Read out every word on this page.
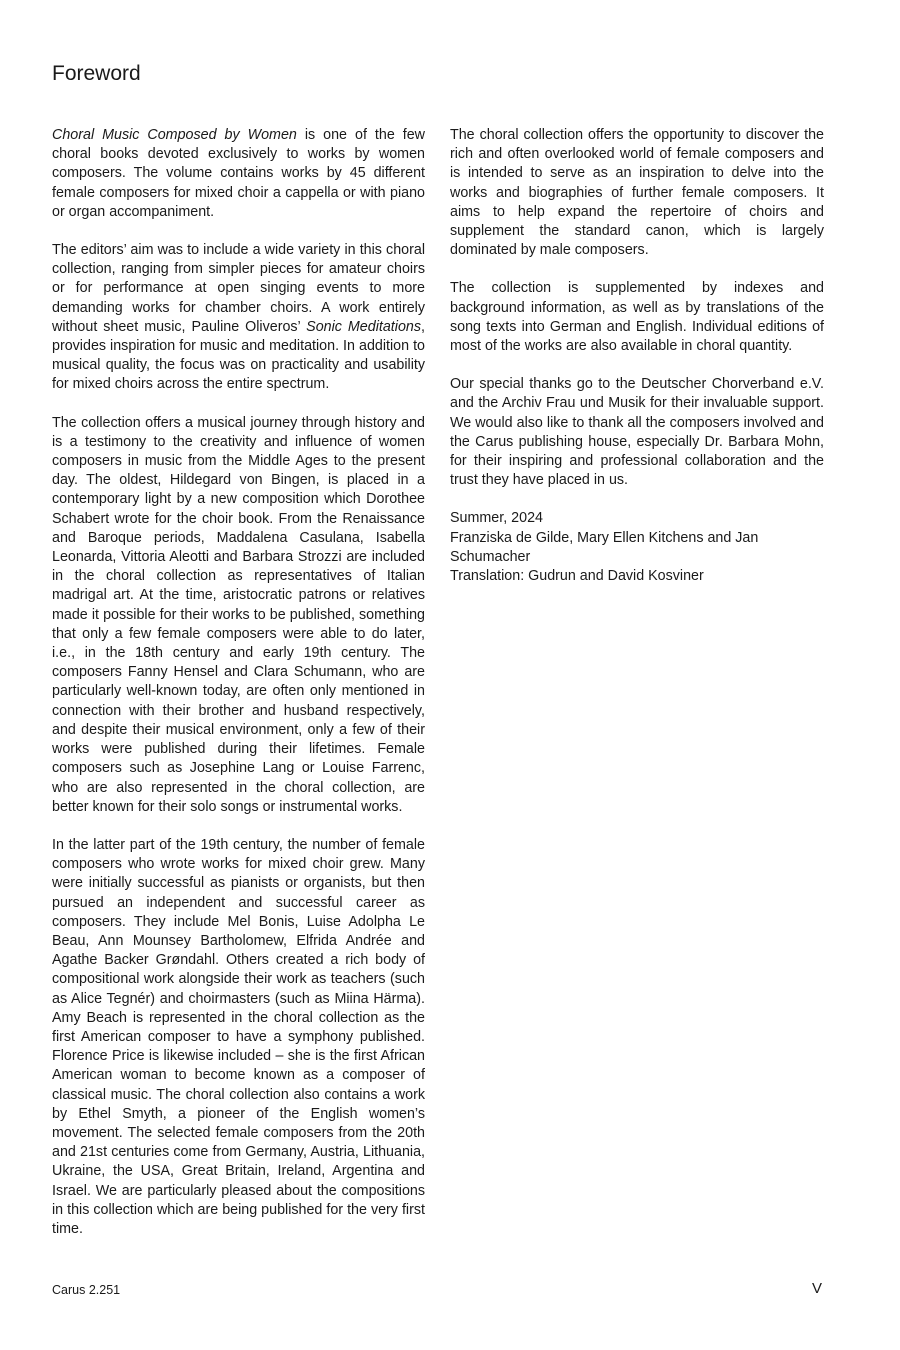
Foreword

Choral Music Composed by Women is one of the few choral books devoted exclusively to works by women composers. The volume contains works by 45 different female composers for mixed choir a cappella or with piano or organ accompaniment.

The editors’ aim was to include a wide variety in this choral collection, ranging from simpler pieces for amateur choirs or for performance at open singing events to more demanding works for chamber choirs. A work entirely without sheet music, Pauline Oliveros’ Sonic Meditations, provides inspiration for music and meditation. In addition to musical quality, the focus was on practicality and usability for mixed choirs across the entire spectrum.

The collection offers a musical journey through history and is a testimony to the creativity and influence of women composers in music from the Middle Ages to the present day. The oldest, Hildegard von Bingen, is placed in a contemporary light by a new composition which Dorothee Schabert wrote for the choir book. From the Renaissance and Baroque periods, Maddalena Casulana, Isabella Leonarda, Vittoria Aleotti and Barbara Strozzi are included in the choral collection as representatives of Italian madrigal art. At the time, aristocratic patrons or relatives made it possible for their works to be published, something that only a few female composers were able to do later, i.e., in the 18th century and early 19th century. The composers Fanny Hensel and Clara Schumann, who are particularly well-known today, are often only mentioned in connection with their brother and husband respectively, and despite their musical environment, only a few of their works were published during their lifetimes. Female composers such as Josephine Lang or Louise Farrenc, who are also represented in the choral collection, are better known for their solo songs or instrumental works.

In the latter part of the 19th century, the number of female composers who wrote works for mixed choir grew. Many were initially successful as pianists or organists, but then pursued an independent and successful career as composers. They include Mel Bonis, Luise Adolpha Le Beau, Ann Mounsey Bartholomew, Elfrida Andrée and Agathe Backer Grøndahl. Others created a rich body of compositional work alongside their work as teachers (such as Alice Tegnér) and choirmasters (such as Miina Härma). Amy Beach is represented in the choral collection as the first American composer to have a symphony published. Florence Price is likewise included – she is the first African American woman to become known as a composer of classical music. The choral collection also contains a work by Ethel Smyth, a pioneer of the English women’s movement. The selected female composers from the 20th and 21st centuries come from Germany, Austria, Lithuania, Ukraine, the USA, Great Britain, Ireland, Argentina and Israel. We are particularly pleased about the compositions in this collection which are being published for the very first time.

The choral collection offers the opportunity to discover the rich and often overlooked world of female composers and is intended to serve as an inspiration to delve into the works and biographies of further female composers. It aims to help expand the repertoire of choirs and supplement the standard canon, which is largely dominated by male composers.

The collection is supplemented by indexes and background information, as well as by translations of the song texts into German and English. Individual editions of most of the works are also available in choral quantity.

Our special thanks go to the Deutscher Chorverband e.V. and the Archiv Frau und Musik for their invaluable support. We would also like to thank all the composers involved and the Carus publishing house, especially Dr. Barbara Mohn, for their inspiring and professional collaboration and the trust they have placed in us.

Summer, 2024

Franziska de Gilde, Mary Ellen Kitchens and Jan Schumacher

Translation: Gudrun and David Kosviner

Carus 2.251	V
